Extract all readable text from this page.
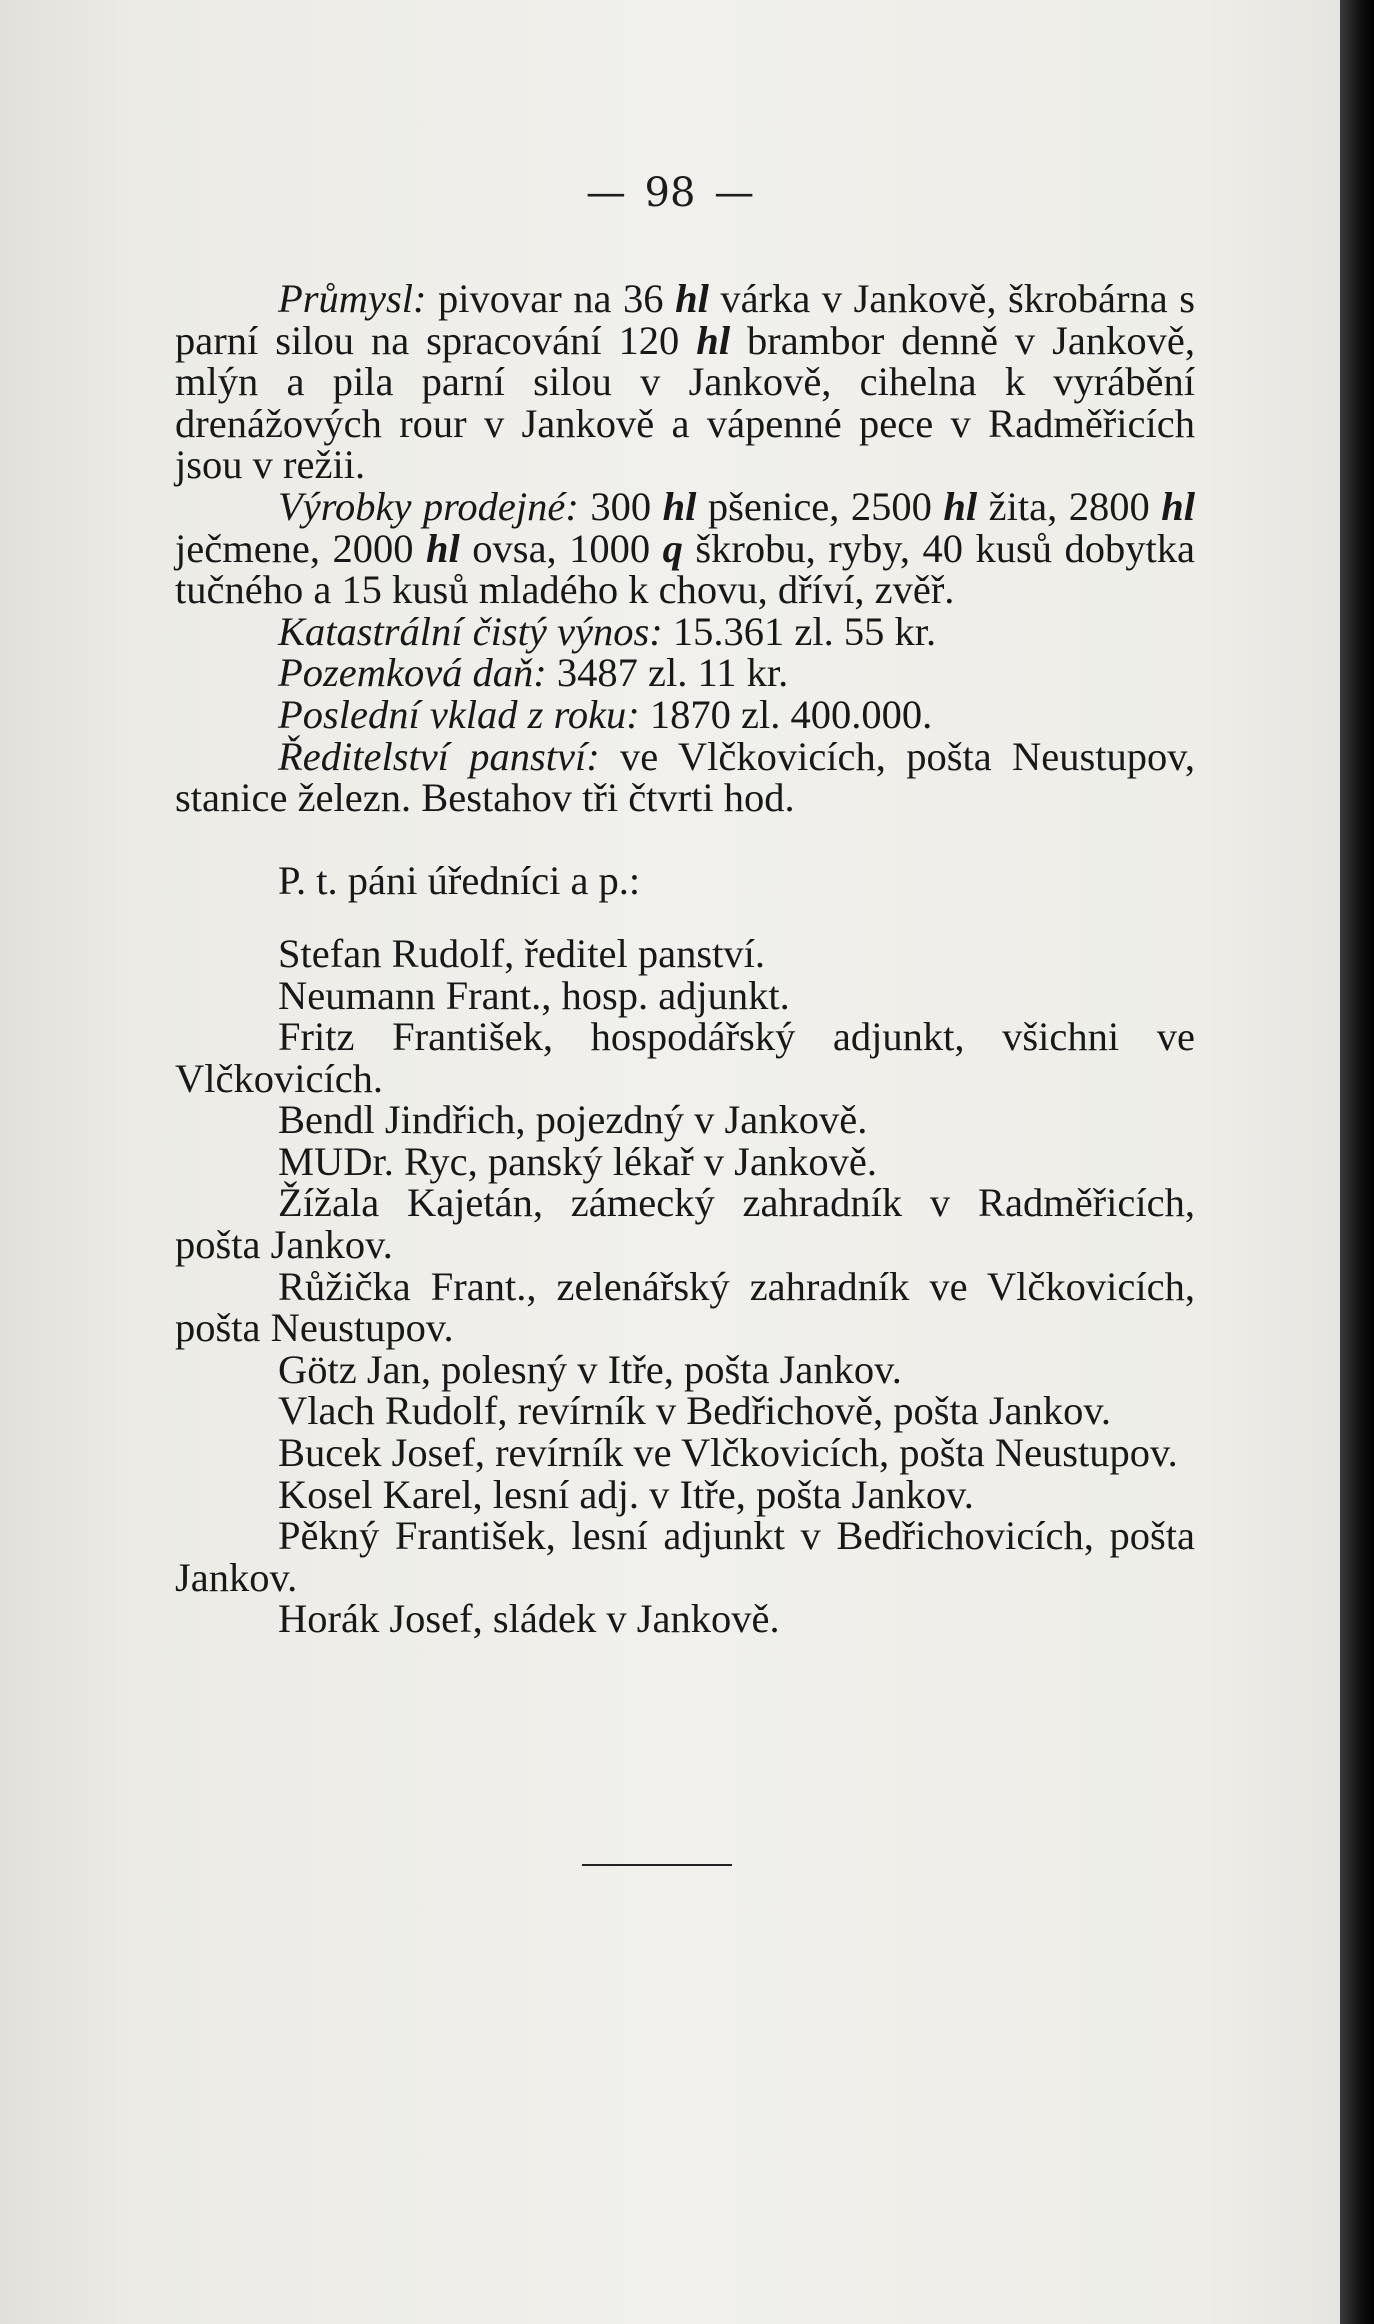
— 98 —

Průmysl: pivovar na 36 hl várka v Jankově, škrobárna s parní silou na spracování 120 hl brambor denně v Jankově, mlýn a pila parní silou v Jankově, cihelna k vyrábění drenážových rour v Jankově a vápenné pece v Radměřicích jsou v režii.

Výrobky prodejné: 300 hl pšenice, 2500 hl žita, 2800 hl ječmene, 2000 hl ovsa, 1000 q škrobu, ryby, 40 kusů dobytka tučného a 15 kusů mladého k chovu, dříví, zvěř.

Katastrální čistý výnos: 15.361 zl. 55 kr.

Pozemková daň: 3487 zl. 11 kr.

Poslední vklad z roku: 1870 zl. 400.000.

Ředitelství panství: ve Vlčkovicích, pošta Neustupov, stanice železn. Bestahov tři čtvrti hod.

P. t. páni úředníci a p.:

Stefan Rudolf, ředitel panství.

Neumann Frant., hosp. adjunkt.

Fritz František, hospodářský adjunkt, všichni ve Vlčkovicích.

Bendl Jindřich, pojezdný v Jankově.

MUDr. Ryc, panský lékař v Jankově.

Žížala Kajetán, zámecký zahradník v Radměřicích, pošta Jankov.

Růžička Frant., zelenářský zahradník ve Vlčkovicích, pošta Neustupov.

Götz Jan, polesný v Itře, pošta Jankov.

Vlach Rudolf, revírník v Bedřichově, pošta Jankov.

Bucek Josef, revírník ve Vlčkovicích, pošta Neustupov.

Kosel Karel, lesní adj. v Itře, pošta Jankov.

Pěkný František, lesní adjunkt v Bedřichovicích, pošta Jankov.

Horák Josef, sládek v Jankově.
